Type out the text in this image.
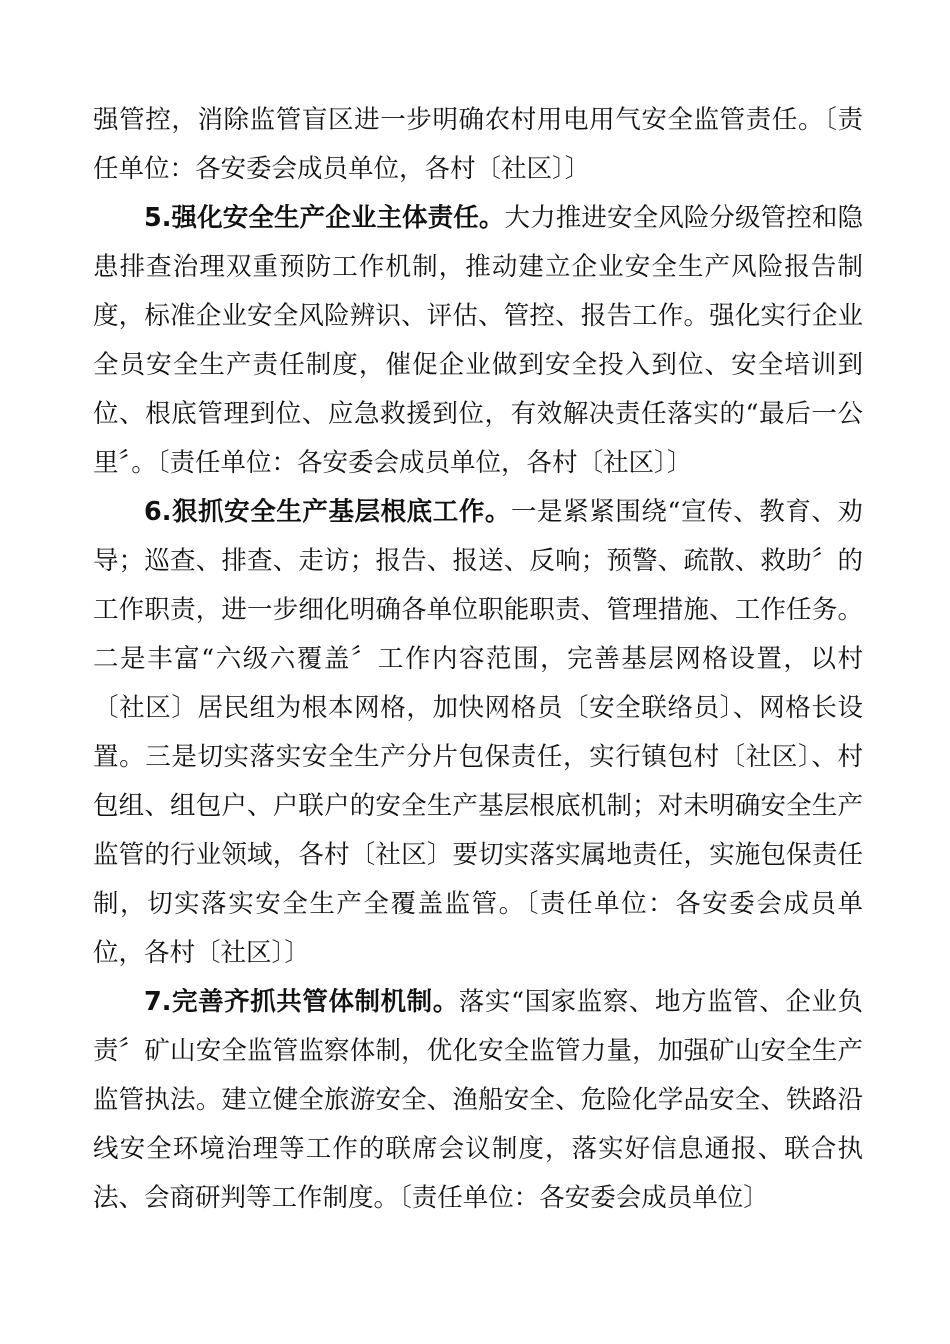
强管控，消除监管盲区进一步明确农村用电用气安全监管责任。〔责任单位：各安委会成员单位，各村〔社区〕〕

5.强化安全生产企业主体责任。大力推进安全风险分级管控和隐患排查治理双重预防工作机制，推动建立企业安全生产风险报告制度，标准企业安全风险辨识、评估、管控、报告工作。强化实行企业全员安全生产责任制度，催促企业做到安全投入到位、安全培训到位、根底管理到位、应急救援到位，有效解决责任落实的“最后一公里〞。〔责任单位：各安委会成员单位，各村〔社区〕〕

6.狠抓安全生产基层根底工作。一是紧紧围绕“宣传、教育、劝导；巡查、排查、走访；报告、报送、反响；预警、疏散、救助〞的工作职责，进一步细化明确各单位职能职责、管理措施、工作任务。二是丰富“六级六覆盖〞工作内容范围，完善基层网格设置，以村〔社区〕居民组为根本网格，加快网格员〔安全联络员〕、网格长设置。三是切实落实安全生产分片包保责任，实行镇包村〔社区〕、村包组、组包户、户联户的安全生产基层根底机制；对未明确安全生产监管的行业领域，各村〔社区〕要切实落实属地责任，实施包保责任制，切实落实安全生产全覆盖监管。〔责任单位：各安委会成员单位，各村〔社区〕〕

7.完善齐抓共管体制机制。落实“国家监察、地方监管、企业负责〞矿山安全监管监察体制，优化安全监管力量，加强矿山安全生产监管执法。建立健全旅游安全、渔船安全、危险化学品安全、铁路沿线安全环境治理等工作的联席会议制度，落实好信息通报、联合执法、会商研判等工作制度。〔责任单位：各安委会成员单位〕
